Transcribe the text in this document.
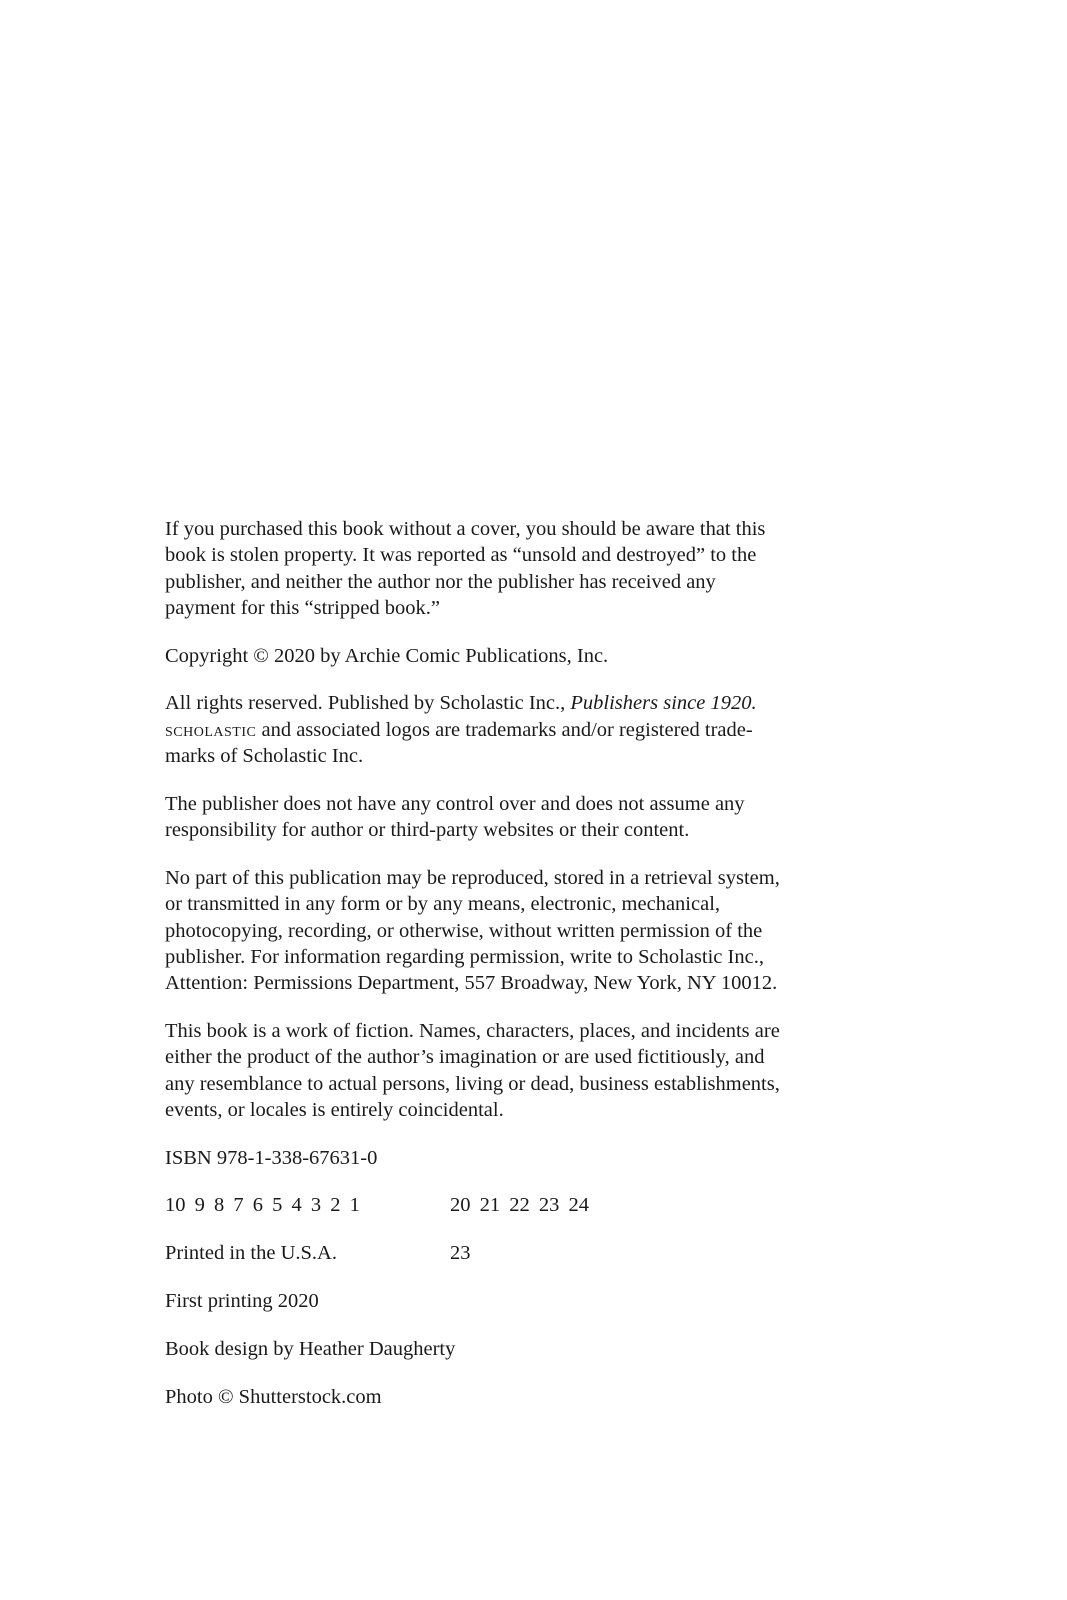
If you purchased this book without a cover, you should be aware that this
book is stolen property. It was reported as “unsold and destroyed” to the
publisher, and neither the author nor the publisher has received any
payment for this “stripped book.”

Copyright © 2020 by Archie Comic Publications, Inc.

All rights reserved. Published by Scholastic Inc., Publishers since 1920.
scholastic and associated logos are trademarks and/or registered trade-
marks of Scholastic Inc.

The publisher does not have any control over and does not assume any
responsibility for author or third-party websites or their content.

No part of this publication may be reproduced, stored in a retrieval system,
or transmitted in any form or by any means, electronic, mechanical,
photocopying, recording, or otherwise, without written permission of the
publisher. For information regarding permission, write to Scholastic Inc.,
Attention: Permissions Department, 557 Broadway, New York, NY 10012.

This book is a work of fiction. Names, characters, places, and incidents are
either the product of the author’s imagination or are used fictitiously, and
any resemblance to actual persons, living or dead, business establishments,
events, or locales is entirely coincidental.

ISBN 978-1-338-67631-0

10 9 8 7 6 5 4 3 2 1	20 21 22 23 24
Printed in the U.S.A.	23

First printing 2020

Book design by Heather Daugherty

Photo © Shutterstock.com
